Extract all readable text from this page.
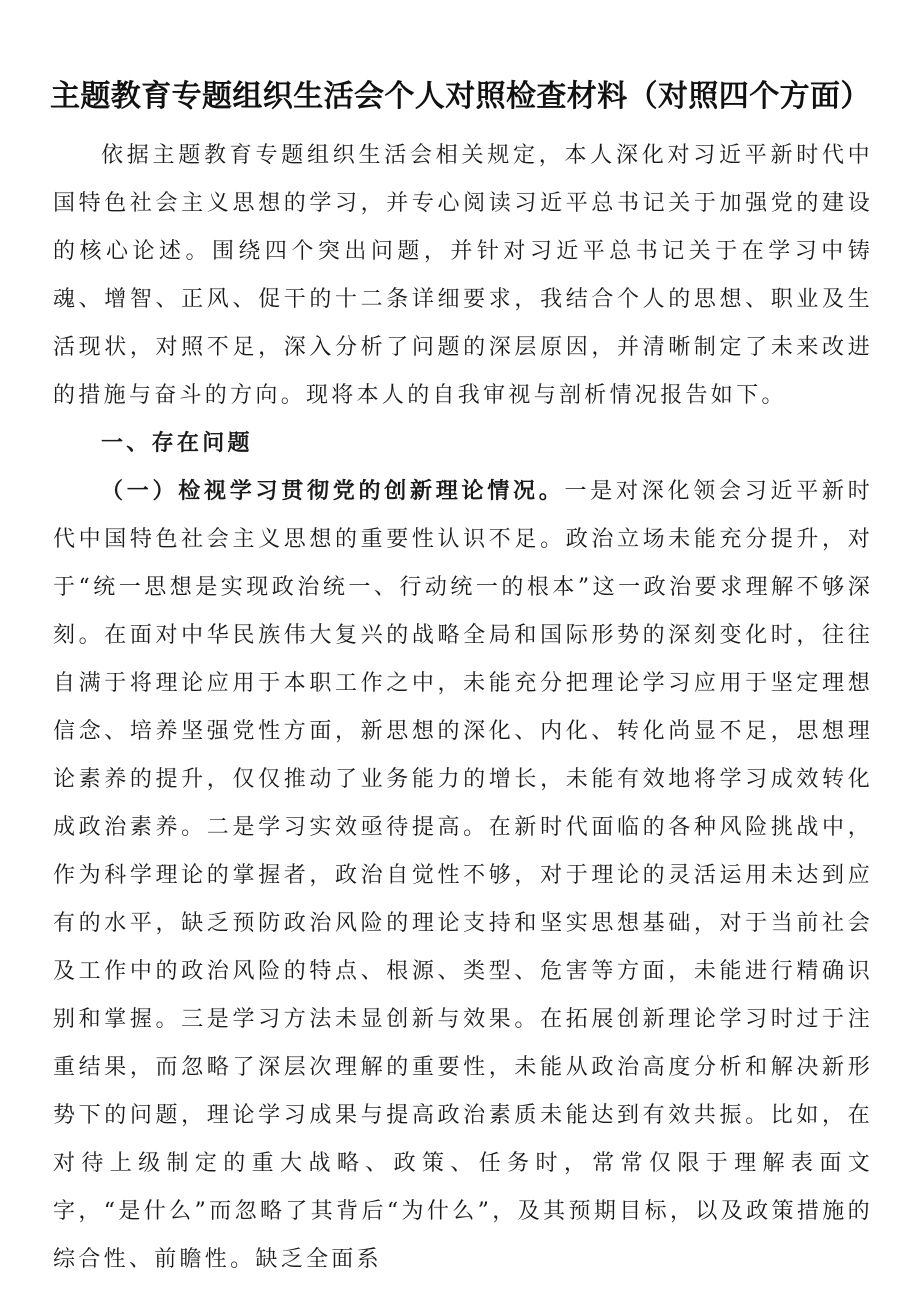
主题教育专题组织生活会个人对照检查材料（对照四个方面）

依据主题教育专题组织生活会相关规定，本人深化对习近平新时代中国特色社会主义思想的学习，并专心阅读习近平总书记关于加强党的建设的核心论述。围绕四个突出问题，并针对习近平总书记关于在学习中铸魂、增智、正风、促干的十二条详细要求，我结合个人的思想、职业及生活现状，对照不足，深入分析了问题的深层原因，并清晰制定了未来改进的措施与奋斗的方向。现将本人的自我审视与剖析情况报告如下。

一、存在问题

（一）检视学习贯彻党的创新理论情况。一是对深化领会习近平新时代中国特色社会主义思想的重要性认识不足。政治立场未能充分提升，对于“统一思想是实现政治统一、行动统一的根本”这一政治要求理解不够深刻。在面对中华民族伟大复兴的战略全局和国际形势的深刻变化时，往往自满于将理论应用于本职工作之中，未能充分把理论学习应用于坚定理想信念、培养坚强党性方面，新思想的深化、内化、转化尚显不足，思想理论素养的提升，仅仅推动了业务能力的增长，未能有效地将学习成效转化成政治素养。二是学习实效亟待提高。在新时代面临的各种风险挑战中，作为科学理论的掌握者，政治自觉性不够，对于理论的灵活运用未达到应有的水平，缺乏预防政治风险的理论支持和坚实思想基础，对于当前社会及工作中的政治风险的特点、根源、类型、危害等方面，未能进行精确识别和掌握。三是学习方法未显创新与效果。在拓展创新理论学习时过于注重结果，而忽略了深层次理解的重要性，未能从政治高度分析和解决新形势下的问题，理论学习成果与提高政治素质未能达到有效共振。比如，在对待上级制定的重大战略、政策、任务时，常常仅限于理解表面文字，“是什么”而忽略了其背后“为什么”，及其预期目标，以及政策措施的综合性、前瞻性。缺乏全面系
